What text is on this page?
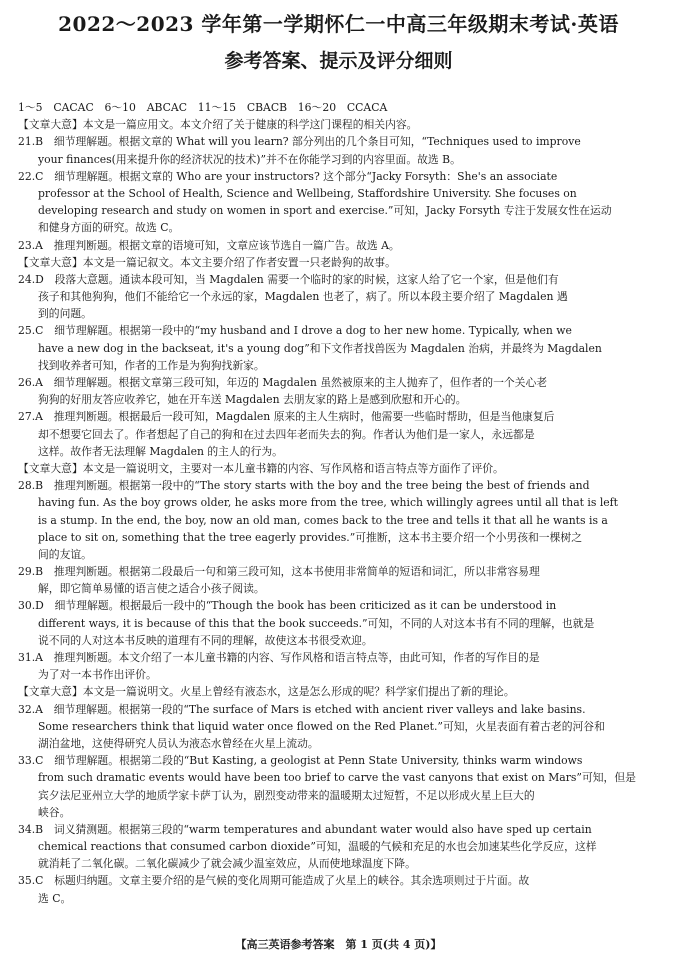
2022～2023 学年第一学期怀仁一中高三年级期末考试·英语
参考答案、提示及评分细则
1～5　CACAC　6～10　ABCAC　11～15　CBACB　16～20　CCACA
【文章大意】本文是一篇应用文。本文介绍了关于健康的科学这门课程的相关内容。
21.B　细节理解题。根据文章的 What will you learn? 部分列出的几个条目可知，“Techniques used to improve
your finances(用来提升你的经济状况的技术)”并不在你能学习到的内容里面。故选 B。
22.C　细节理解题。根据文章的 Who are your instructors? 这个部分“Jacky Forsyth：She's an associate
professor at the School of Health, Science and Wellbeing, Staffordshire University. She focuses on
developing research and study on women in sport and exercise.”可知，Jacky Forsyth 专注于发展女性在运动
和健身方面的研究。故选 C。
23.A　推理判断题。根据文章的语境可知，文章应该节选自一篇广告。故选 A。
【文章大意】本文是一篇记叙文。本文主要介绍了作者安置一只老龄狗的故事。
24.D　段落大意题。通读本段可知，当 Magdalen 需要一个临时的家的时候，这家人给了它一个家，但是他们有
孩子和其他狗狗，他们不能给它一个永远的家，Magdalen 也老了，病了。所以本段主要介绍了 Magdalen 遇
到的问题。
25.C　细节理解题。根据第一段中的“my husband and I drove a dog to her new home. Typically, when we
have a new dog in the backseat, it's a young dog”和下文作者找兽医为 Magdalen 治病，并最终为 Magdalen
找到收养者可知，作者的工作是为狗狗找新家。
26.A　细节理解题。根据文章第三段可知，年迈的 Magdalen 虽然被原来的主人抛弃了，但作者的一个关心老
狗狗的好朋友答应收养它，她在开车送 Magdalen 去朋友家的路上是感到欣慰和开心的。
27.A　推理判断题。根据最后一段可知，Magdalen 原来的主人生病时，他需要一些临时帮助，但是当他康复后
却不想要它回去了。作者想起了自己的狗和在过去四年老而失去的狗。作者认为他们是一家人，永远都是
这样。故作者无法理解 Magdalen 的主人的行为。
【文章大意】本文是一篇说明文，主要对一本儿童书籍的内容、写作风格和语言特点等方面作了评价。
28.B　推理判断题。根据第一段中的“The story starts with the boy and the tree being the best of friends and
having fun. As the boy grows older, he asks more from the tree, which willingly agrees until all that is left
is a stump. In the end, the boy, now an old man, comes back to the tree and tells it that all he wants is a
place to sit on, something that the tree eagerly provides.”可推断，这本书主要介绍一个小男孩和一棵树之
间的友谊。
29.B　推理判断题。根据第二段最后一句和第三段可知，这本书使用非常简单的短语和词汇，所以非常容易理
解，即它简单易懂的语言使之适合小孩子阅读。
30.D　细节理解题。根据最后一段中的“Though the book has been criticized as it can be understood in
different ways, it is because of this that the book succeeds.”可知，不同的人对这本书有不同的理解，也就是
说不同的人对这本书反映的道理有不同的理解，故使这本书很受欢迎。
31.A　推理判断题。本文介绍了一本儿童书籍的内容、写作风格和语言特点等，由此可知，作者的写作目的是
为了对一本书作出评价。
【文章大意】本文是一篇说明文。火星上曾经有液态水，这是怎么形成的呢？科学家们提出了新的理论。
32.A　细节理解题。根据第一段的“The surface of Mars is etched with ancient river valleys and lake basins.
Some researchers think that liquid water once flowed on the Red Planet.”可知，火星表面有着古老的河谷和
湖泊盆地，这使得研究人员认为液态水曾经在火星上流动。
33.C　细节理解题。根据第二段的“But Kasting, a geologist at Penn State University, thinks warm windows
from such dramatic events would have been too brief to carve the vast canyons that exist on Mars”可知，但是
宾夕法尼亚州立大学的地质学家卡萨丁认为，剧烈变动带来的温暖期太过短暂，不足以形成火星上巨大的
峡谷。
34.B　词义猜测题。根据第三段的“warm temperatures and abundant water would also have sped up certain
chemical reactions that consumed carbon dioxide”可知，温暖的气候和充足的水也会加速某些化学反应，这样
就消耗了二氧化碳。二氧化碳减少了就会减少温室效应，从而使地球温度下降。
35.C　标题归纳题。文章主要介绍的是气候的变化周期可能造成了火星上的峡谷。其余选项则过于片面。故
选 C。
【高三英语参考答案　第 1 页(共 4 页)】
